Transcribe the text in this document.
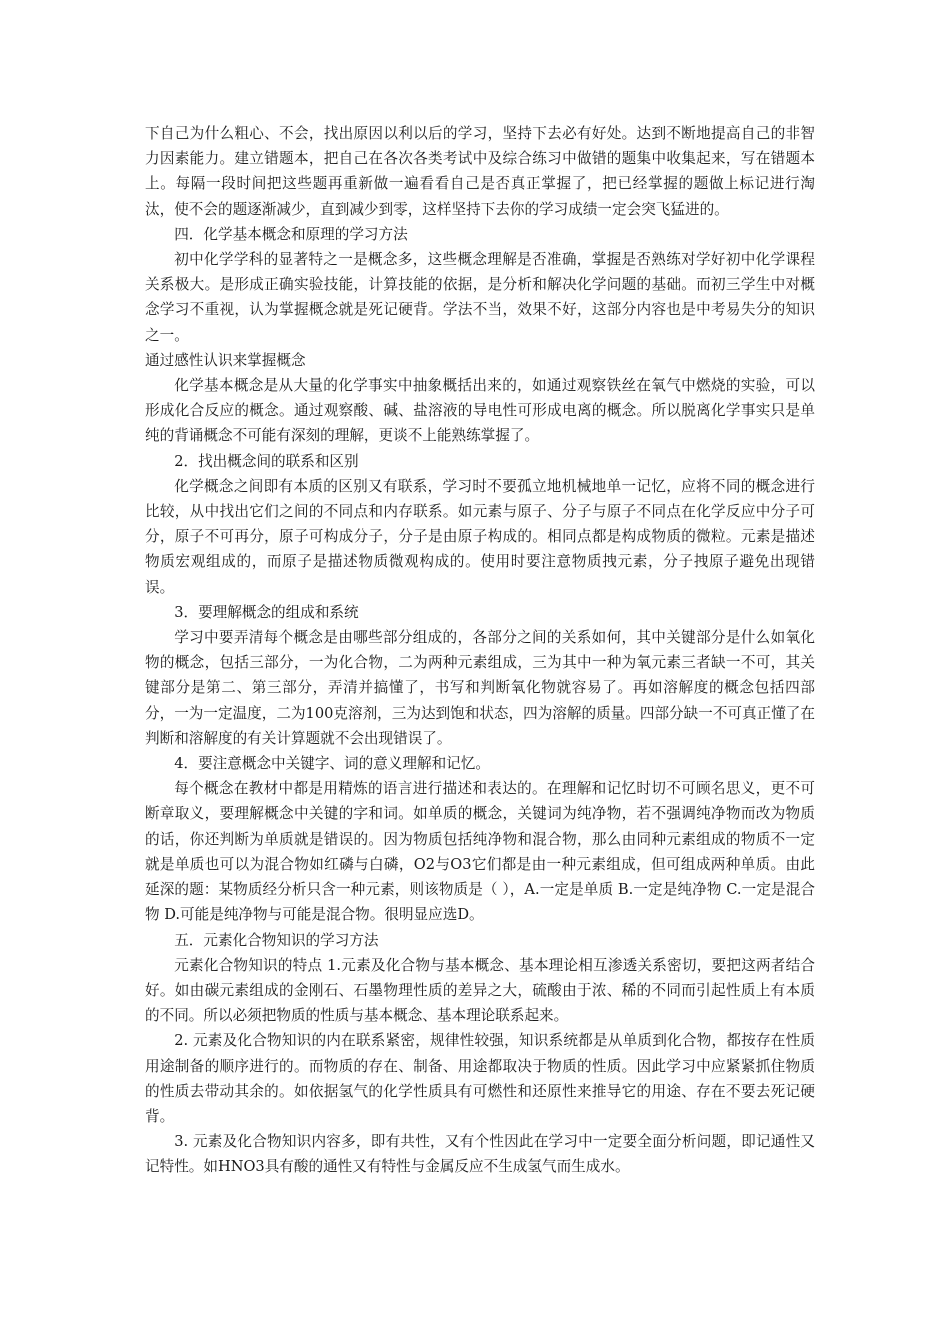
下自己为什么粗心、不会，找出原因以利以后的学习，坚持下去必有好处。达到不断地提高自己的非智力因素能力。建立错题本，把自己在各次各类考试中及综合练习中做错的题集中收集起来，写在错题本上。每隔一段时间把这些题再重新做一遍看看自己是否真正掌握了，把已经掌握的题做上标记进行淘汰，使不会的题逐渐减少，直到减少到零，这样坚持下去你的学习成绩一定会突飞猛进的。

四．化学基本概念和原理的学习方法

初中化学学科的显著特之一是概念多，这些概念理解是否准确，掌握是否熟练对学好初中化学课程关系极大。是形成正确实验技能，计算技能的依据，是分析和解决化学问题的基础。而初三学生中对概念学习不重视，认为掌握概念就是死记硬背。学法不当，效果不好，这部分内容也是中考易失分的知识之一。

通过感性认识来掌握概念

化学基本概念是从大量的化学事实中抽象概括出来的，如通过观察铁丝在氧气中燃烧的实验，可以形成化合反应的概念。通过观察酸、碱、盐溶液的导电性可形成电离的概念。所以脱离化学事实只是单纯的背诵概念不可能有深刻的理解，更谈不上能熟练掌握了。

2．找出概念间的联系和区别

化学概念之间即有本质的区别又有联系，学习时不要孤立地机械地单一记忆，应将不同的概念进行比较，从中找出它们之间的不同点和内存联系。如元素与原子、分子与原子不同点在化学反应中分子可分，原子不可再分，原子可构成分子，分子是由原子构成的。相同点都是构成物质的微粒。元素是描述物质宏观组成的，而原子是描述物质微观构成的。使用时要注意物质拽元素，分子拽原子避免出现错误。

3．要理解概念的组成和系统

学习中要弄清每个概念是由哪些部分组成的，各部分之间的关系如何，其中关键部分是什么如氧化物的概念，包括三部分，一为化合物，二为两种元素组成，三为其中一种为氧元素三者缺一不可，其关键部分是第二、第三部分，弄清并搞懂了，书写和判断氧化物就容易了。再如溶解度的概念包括四部分，一为一定温度，二为100克溶剂，三为达到饱和状态，四为溶解的质量。四部分缺一不可真正懂了在判断和溶解度的有关计算题就不会出现错误了。

4．要注意概念中关键字、词的意义理解和记忆。

每个概念在教材中都是用精炼的语言进行描述和表达的。在理解和记忆时切不可顾名思义，更不可断章取义，要理解概念中关键的字和词。如单质的概念，关键词为纯净物，若不强调纯净物而改为物质的话，你还判断为单质就是错误的。因为物质包括纯净物和混合物，那么由同种元素组成的物质不一定就是单质也可以为混合物如红磷与白磷，O2与O3它们都是由一种元素组成，但可组成两种单质。由此延深的题：某物质经分析只含一种元素，则该物质是（ ），A.一定是单质 B.一定是纯净物 C.一定是混合物 D.可能是纯净物与可能是混合物。很明显应选D。

五．元素化合物知识的学习方法

元素化合物知识的特点 1.元素及化合物与基本概念、基本理论相互渗透关系密切，要把这两者结合好。如由碳元素组成的金刚石、石墨物理性质的差异之大，硫酸由于浓、稀的不同而引起性质上有本质的不同。所以必须把物质的性质与基本概念、基本理论联系起来。

2. 元素及化合物知识的内在联系紧密，规律性较强，知识系统都是从单质到化合物，都按存在性质用途制备的顺序进行的。而物质的存在、制备、用途都取决于物质的性质。因此学习中应紧紧抓住物质的性质去带动其余的。如依据氢气的化学性质具有可燃性和还原性来推导它的用途、存在不要去死记硬背。

3. 元素及化合物知识内容多，即有共性，又有个性因此在学习中一定要全面分析问题，即记通性又记特性。如HNO3具有酸的通性又有特性与金属反应不生成氢气而生成水。
